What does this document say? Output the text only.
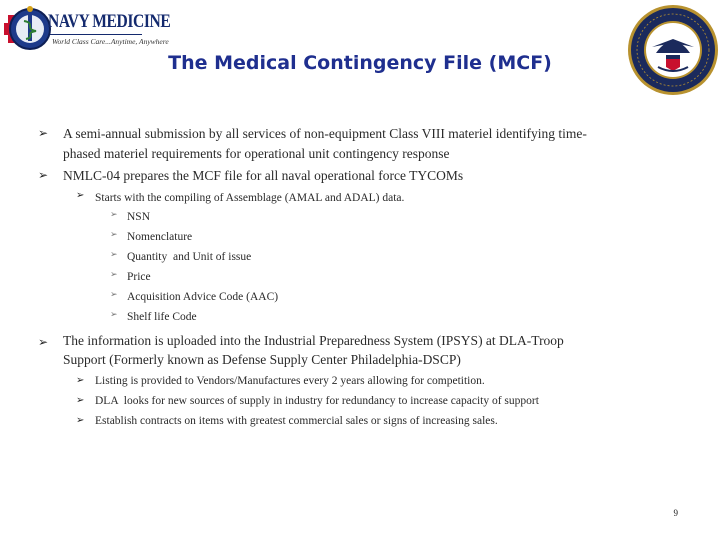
NAVY MEDICINE
World Class Care...Anytime, Anywhere
The Medical Contingency File (MCF)
➢ A semi-annual submission by all services of non-equipment Class VIII materiel identifying time-
phased materiel requirements for operational unit contingency response
➢ NMLC-04 prepares the MCF file for all naval operational force TYCOMs
➢ Starts with the compiling of Assemblage (AMAL and ADAL) data.
➢ NSN
➢ Nomenclature
➢ Quantity  and Unit of issue
➢ Price
➢ Acquisition Advice Code (AAC)
➢ Shelf life Code
➢ The information is uploaded into the Industrial Preparedness System (IPSYS) at DLA-Troop
Support (Formerly known as Defense Supply Center Philadelphia-DSCP)
➢ Listing is provided to Vendors/Manufactures every 2 years allowing for competition.
➢ DLA  looks for new sources of supply in industry for redundancy to increase capacity of support
➢ Establish contracts on items with greatest commercial sales or signs of increasing sales.
9
